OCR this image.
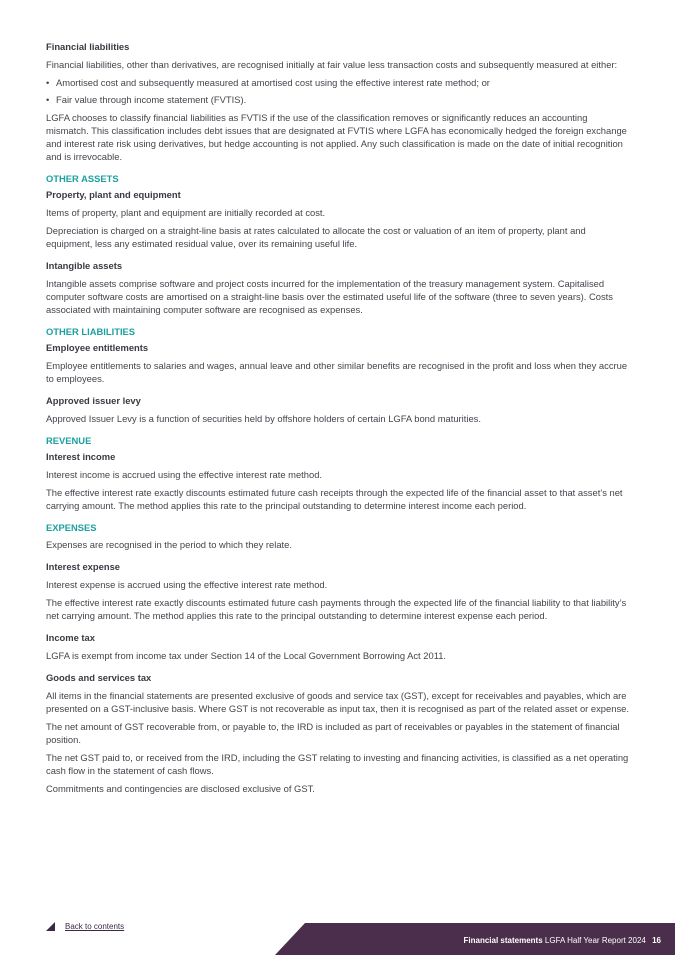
Financial liabilities

Financial liabilities, other than derivatives, are recognised initially at fair value less transaction costs and subsequently measured at either:

• Amortised cost and subsequently measured at amortised cost using the effective interest rate method; or
• Fair value through income statement (FVTIS).

LGFA chooses to classify financial liabilities as FVTIS if the use of the classification removes or significantly reduces an accounting mismatch. This classification includes debt issues that are designated at FVTIS where LGFA has economically hedged the foreign exchange and interest rate risk using derivatives, but hedge accounting is not applied. Any such classification is made on the date of initial recognition and is irrevocable.

OTHER ASSETS
Property, plant and equipment

Items of property, plant and equipment are initially recorded at cost.

Depreciation is charged on a straight-line basis at rates calculated to allocate the cost or valuation of an item of property, plant and equipment, less any estimated residual value, over its remaining useful life.

Intangible assets

Intangible assets comprise software and project costs incurred for the implementation of the treasury management system. Capitalised computer software costs are amortised on a straight-line basis over the estimated useful life of the software (three to seven years). Costs associated with maintaining computer software are recognised as expenses.

OTHER LIABILITIES
Employee entitlements

Employee entitlements to salaries and wages, annual leave and other similar benefits are recognised in the profit and loss when they accrue to employees.

Approved issuer levy

Approved Issuer Levy is a function of securities held by offshore holders of certain LGFA bond maturities.

REVENUE
Interest income

Interest income is accrued using the effective interest rate method.

The effective interest rate exactly discounts estimated future cash receipts through the expected life of the financial asset to that asset’s net carrying amount. The method applies this rate to the principal outstanding to determine interest income each period.

EXPENSES

Expenses are recognised in the period to which they relate.

Interest expense

Interest expense is accrued using the effective interest rate method.

The effective interest rate exactly discounts estimated future cash payments through the expected life of the financial liability to that liability’s net carrying amount. The method applies this rate to the principal outstanding to determine interest expense each period.

Income tax

LGFA is exempt from income tax under Section 14 of the Local Government Borrowing Act 2011.

Goods and services tax

All items in the financial statements are presented exclusive of goods and service tax (GST), except for receivables and payables, which are presented on a GST-inclusive basis. Where GST is not recoverable as input tax, then it is recognised as part of the related asset or expense.

The net amount of GST recoverable from, or payable to, the IRD is included as part of receivables or payables in the statement of financial position.

The net GST paid to, or received from the IRD, including the GST relating to investing and financing activities, is classified as a net operating cash flow in the statement of cash flows.

Commitments and contingencies are disclosed exclusive of GST.

Back to contents
Financial statements LGFA Half Year Report 2024 16
